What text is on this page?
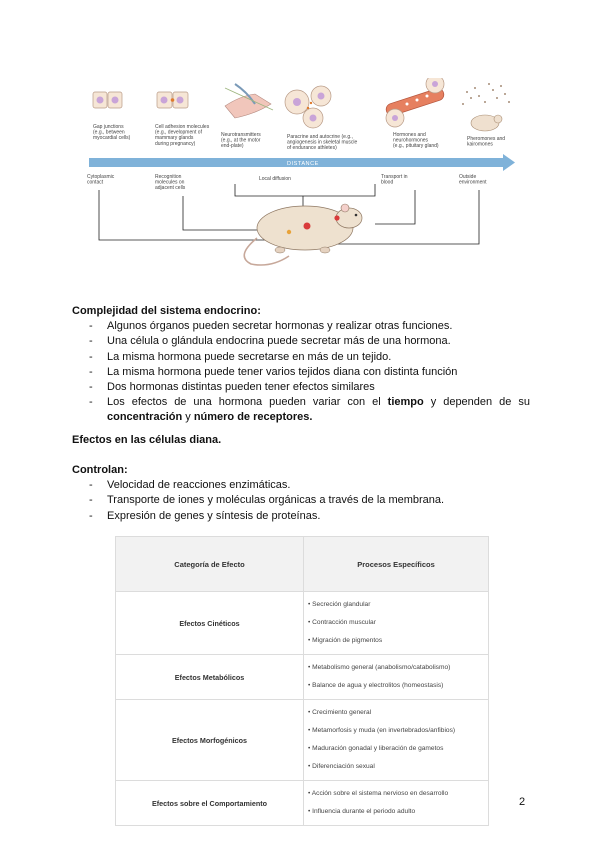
Gap junctions (e.g., between myocardial cells)
Cell adhesion molecules (e.g., development of mammary glands during pregnancy)
Neurotransmitters (e.g., at the motor end-plate)
Paracrine and autocrine (e.g., angiogenesis in skeletal muscle of endurance athletes)
Hormones and neurohormones (e.g., pituitary gland)
Pheromones and kairomones
DISTANCE
Cytoplasmic contact
Recognition molecules on adjacent cells
Local diffusion	Transport in blood
Outside environment
Complejidad del sistema endocrino:
- Algunos órganos pueden secretar hormonas y realizar otras funciones.
- Una célula o glándula endocrina puede secretar más de una hormona.
- La misma hormona puede secretarse en más de un tejido.
- La misma hormona puede tener varios tejidos diana con distinta función
- Dos hormonas distintas pueden tener efectos similares
- Los efectos de una hormona pueden variar con el tiempo y dependen de su concentración y número de receptores.
Efectos en las células diana.
Controlan:
- Velocidad de reacciones enzimáticas.
- Transporte de iones y moléculas orgánicas a través de la membrana.
- Expresión de genes y síntesis de proteínas.
Categoría de Efecto	Procesos Específicos
Efectos Cinéticos	• Secreción glandular
• Contracción muscular
• Migración de pigmentos

Efectos Metabólicos	• Metabolismo general (anabolismo/catabolismo)
• Balance de agua y electrolitos (homeostasis)

Efectos Morfogénicos	• Crecimiento general
• Metamorfosis y muda (en invertebrados/anfibios)
• Maduración gonadal y liberación de gametos
• Diferenciación sexual

Efectos sobre el Comportamiento	• Acción sobre el sistema nervioso en desarrollo
• Influencia durante el periodo adulto
2
